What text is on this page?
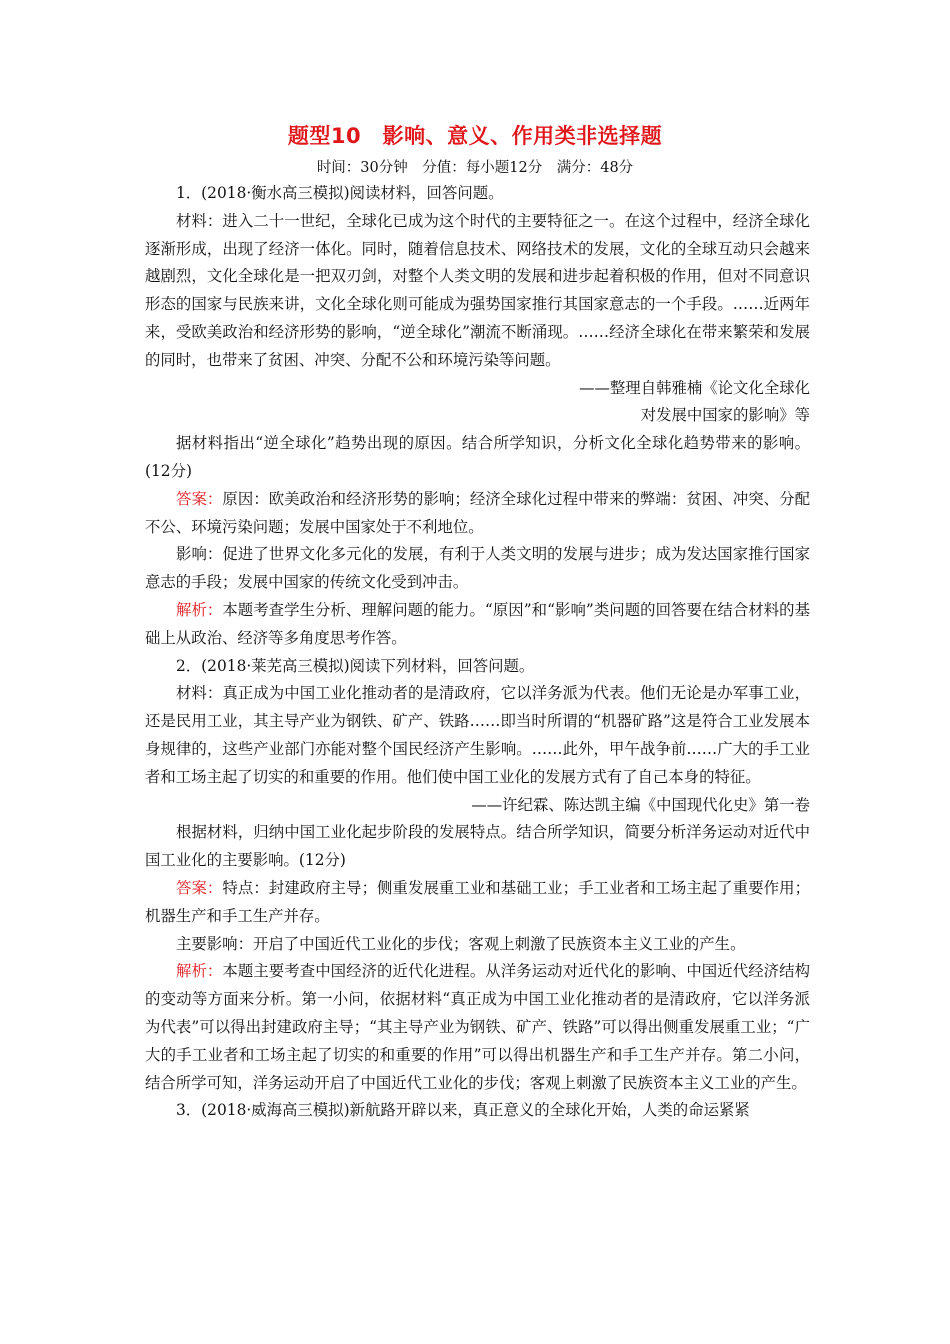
题型10　影响、意义、作用类非选择题
时间：30分钟　分值：每小题12分　满分：48分

1．(2018·衡水高三模拟)阅读材料，回答问题。

材料：进入二十一世纪，全球化已成为这个时代的主要特征之一。在这个过程中，经济全球化逐渐形成，出现了经济一体化。同时，随着信息技术、网络技术的发展，文化的全球互动只会越来越剧烈，文化全球化是一把双刃剑，对整个人类文明的发展和进步起着积极的作用，但对不同意识形态的国家与民族来讲，文化全球化则可能成为强势国家推行其国家意志的一个手段。……近两年来，受欧美政治和经济形势的影响，“逆全球化”潮流不断涌现。……经济全球化在带来繁荣和发展的同时，也带来了贫困、冲突、分配不公和环境污染等问题。

——整理自韩雅楠《论文化全球化

对发展中国家的影响》等

据材料指出“逆全球化”趋势出现的原因。结合所学知识，分析文化全球化趋势带来的影响。(12分)

答案：原因：欧美政治和经济形势的影响；经济全球化过程中带来的弊端：贫困、冲突、分配不公、环境污染问题；发展中国家处于不利地位。

影响：促进了世界文化多元化的发展，有利于人类文明的发展与进步；成为发达国家推行国家意志的手段；发展中国家的传统文化受到冲击。

解析：本题考查学生分析、理解问题的能力。“原因”和“影响”类问题的回答要在结合材料的基础上从政治、经济等多角度思考作答。

2．(2018·莱芜高三模拟)阅读下列材料，回答问题。

材料：真正成为中国工业化推动者的是清政府，它以洋务派为代表。他们无论是办军事工业，还是民用工业，其主导产业为钢铁、矿产、铁路……即当时所谓的“机器矿路”这是符合工业发展本身规律的，这些产业部门亦能对整个国民经济产生影响。……此外，甲午战争前……广大的手工业者和工场主起了切实的和重要的作用。他们使中国工业化的发展方式有了自己本身的特征。

——许纪霖、陈达凯主编《中国现代化史》第一卷

根据材料，归纳中国工业化起步阶段的发展特点。结合所学知识，简要分析洋务运动对近代中国工业化的主要影响。(12分)

答案：特点：封建政府主导；侧重发展重工业和基础工业；手工业者和工场主起了重要作用；机器生产和手工生产并存。

主要影响：开启了中国近代工业化的步伐；客观上刺激了民族资本主义工业的产生。

解析：本题主要考查中国经济的近代化进程。从洋务运动对近代化的影响、中国近代经济结构的变动等方面来分析。第一小问，依据材料“真正成为中国工业化推动者的是清政府，它以洋务派为代表”可以得出封建政府主导；“其主导产业为钢铁、矿产、铁路”可以得出侧重发展重工业；“广大的手工业者和工场主起了切实的和重要的作用”可以得出机器生产和手工生产并存。第二小问，结合所学可知，洋务运动开启了中国近代工业化的步伐；客观上刺激了民族资本主义工业的产生。

3．(2018·威海高三模拟)新航路开辟以来，真正意义的全球化开始，人类的命运紧紧
